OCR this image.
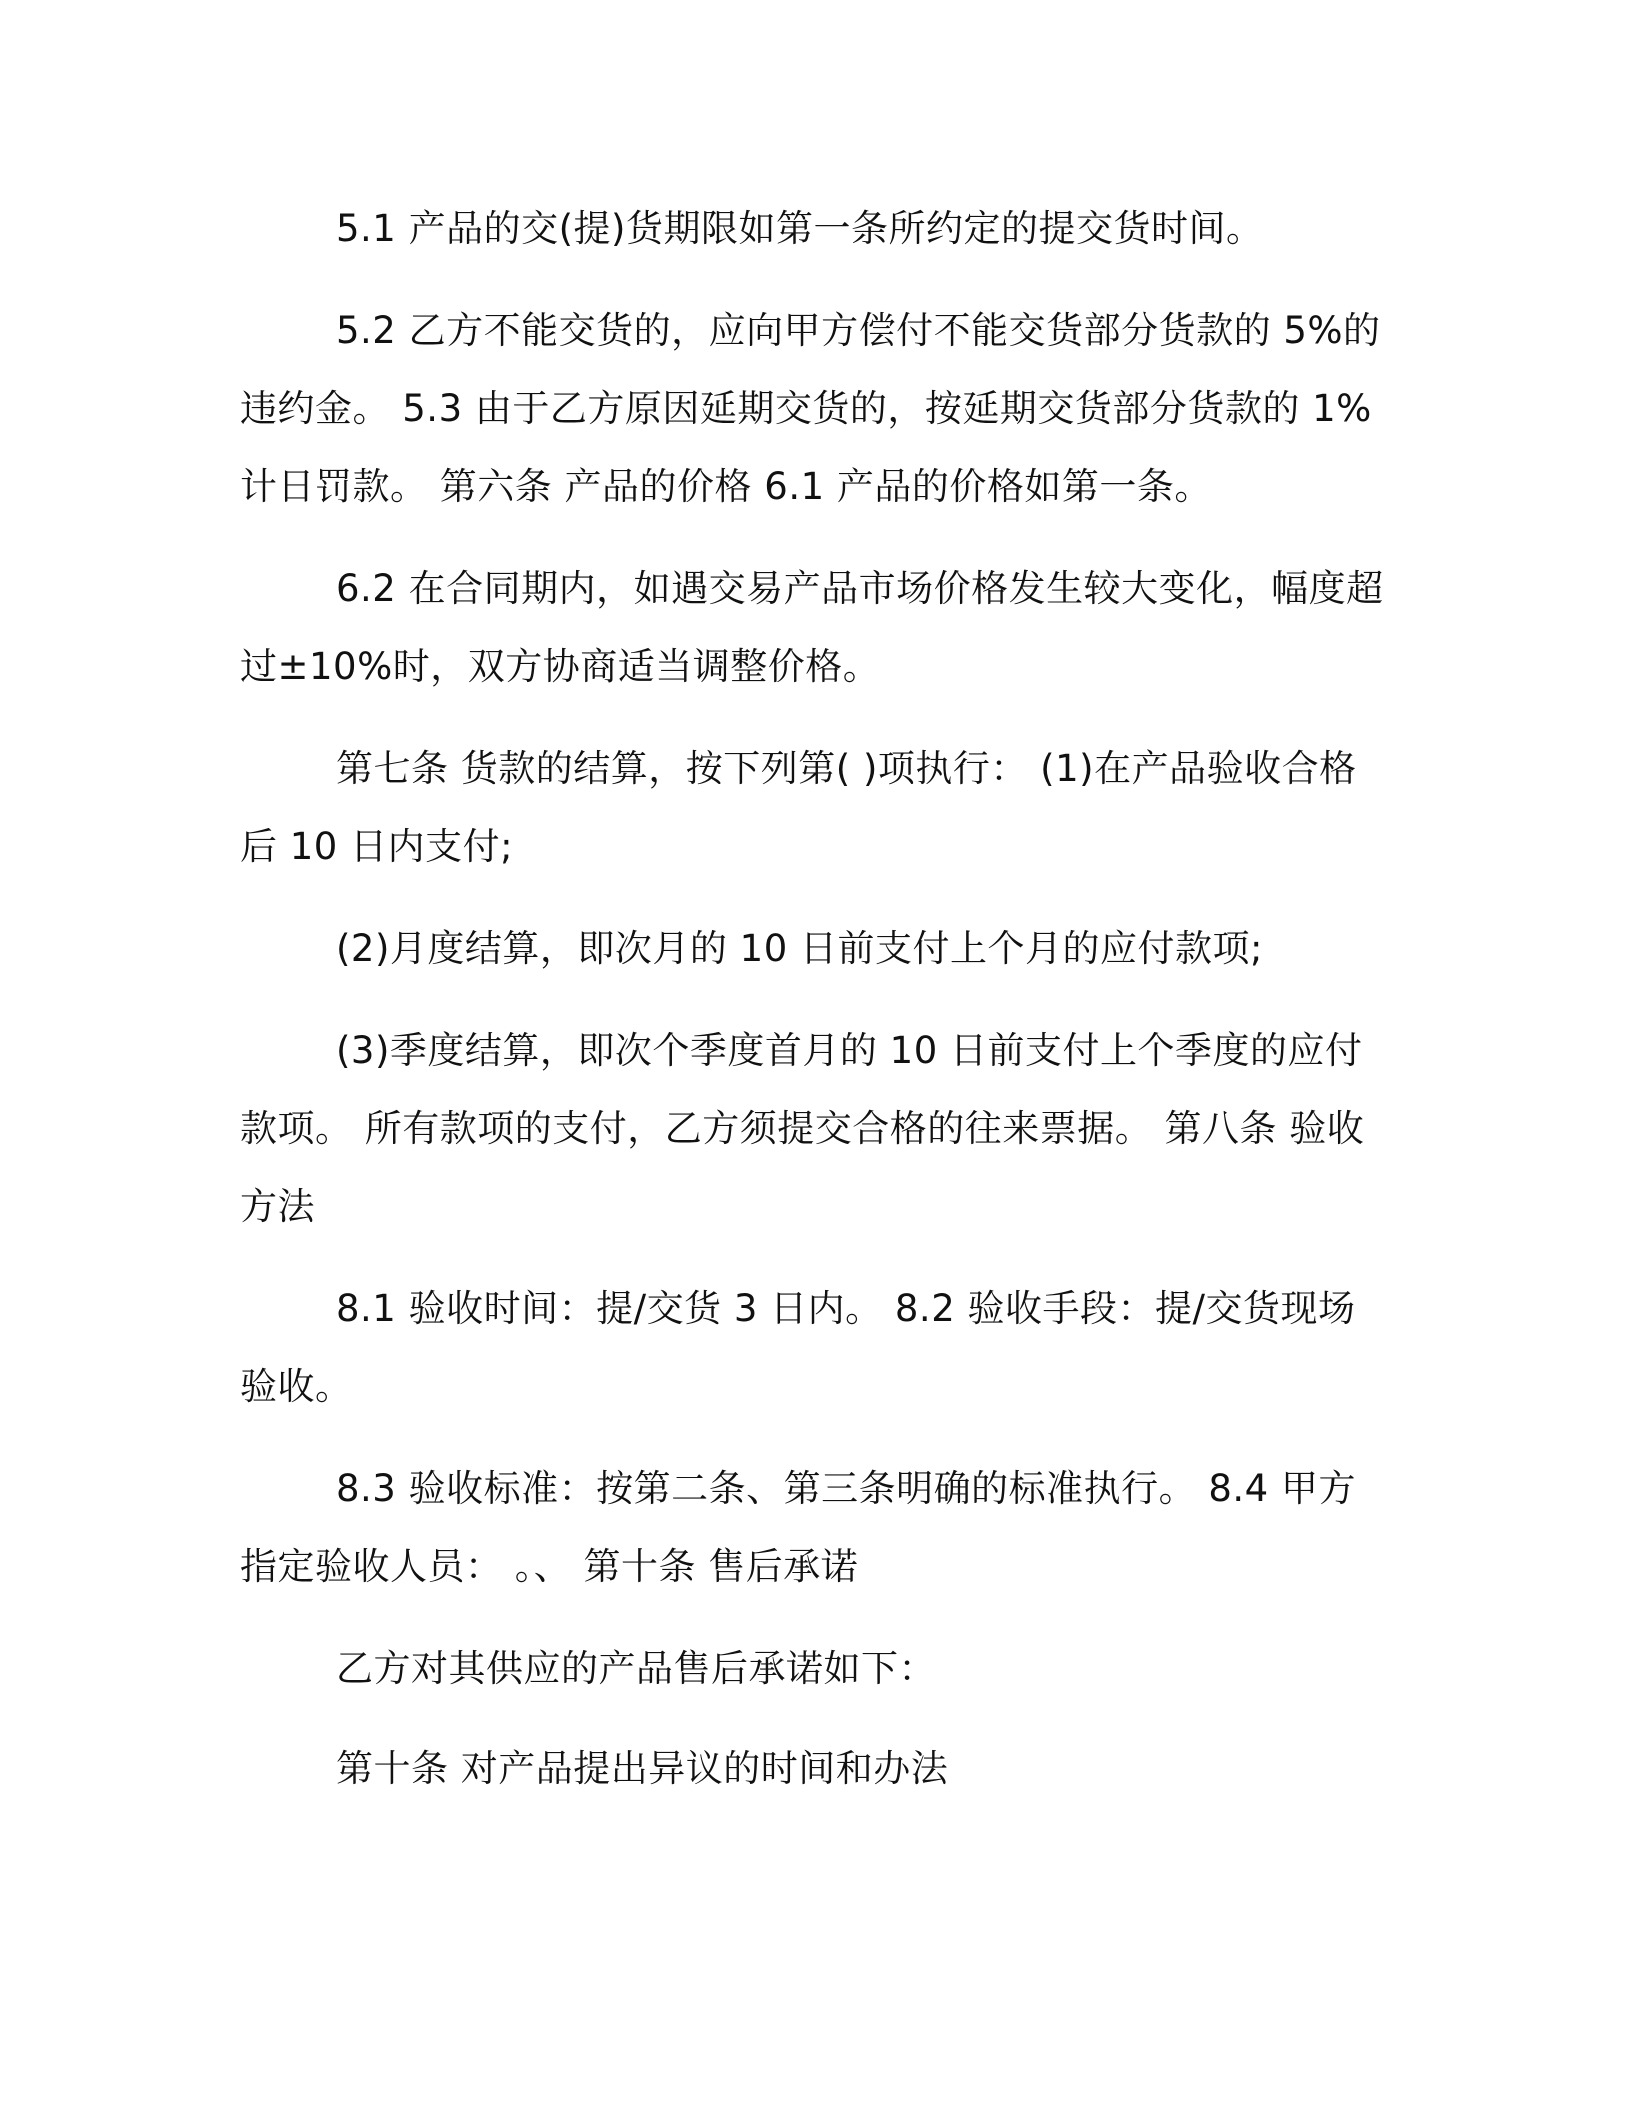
5.1 产品的交(提)货期限如第一条所约定的提交货时间。

5.2 乙方不能交货的，应向甲方偿付不能交货部分货款的 5%的违约金。 5.3 由于乙方原因延期交货的，按延期交货部分货款的 1%计日罚款。 第六条 产品的价格 6.1 产品的价格如第一条。

6.2 在合同期内，如遇交易产品市场价格发生较大变化，幅度超过±10%时，双方协商适当调整价格。

第七条 货款的结算，按下列第( )项执行： (1)在产品验收合格后 10 日内支付;

(2)月度结算，即次月的 10 日前支付上个月的应付款项;

(3)季度结算，即次个季度首月的 10 日前支付上个季度的应付款项。 所有款项的支付，乙方须提交合格的往来票据。 第八条 验收方法

8.1 验收时间：提/交货 3 日内。 8.2 验收手段：提/交货现场验收。

8.3 验收标准：按第二条、第三条明确的标准执行。 8.4 甲方指定验收人员： 。、 第十条 售后承诺

乙方对其供应的产品售后承诺如下：

第十条 对产品提出异议的时间和办法
